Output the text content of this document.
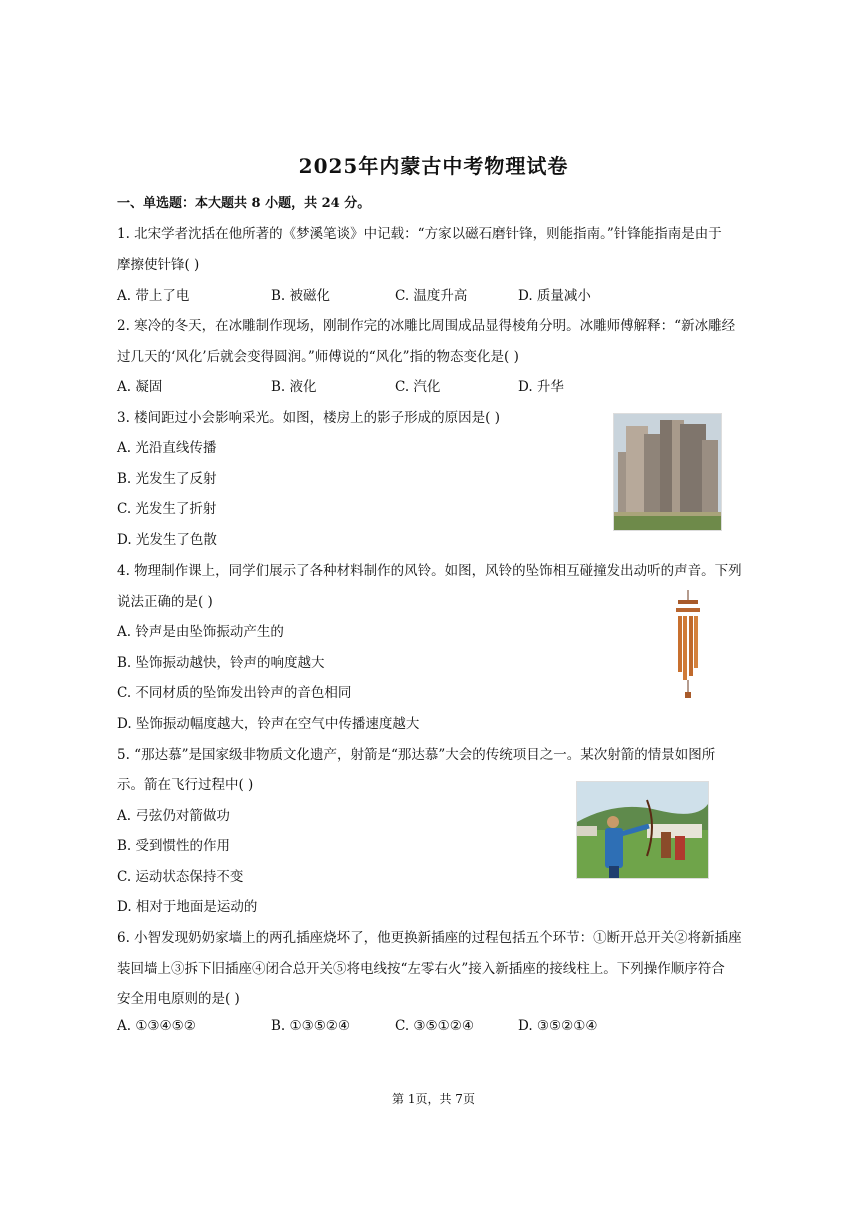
2025年内蒙古中考物理试卷
一、单选题：本大题共 8 小题，共 24 分。
1. 北宋学者沈括在他所著的《梦溪笔谈》中记载：“方家以磁石磨针锋，则能指南。”针锋能指南是由于
摩擦使针锋( )
A. 带上了电	B. 被磁化	C. 温度升高	D. 质量减小
2. 寒冷的冬天，在冰雕制作现场，刚制作完的冰雕比周围成品显得棱角分明。冰雕师傅解释：“新冰雕经
过几天的‘风化’后就会变得圆润。”师傅说的“风化”指的物态变化是( )
A. 凝固	B. 液化	C. 汽化	D. 升华
3. 楼间距过小会影响采光。如图，楼房上的影子形成的原因是( )
A. 光沿直线传播
B. 光发生了反射
C. 光发生了折射
D. 光发生了色散
4. 物理制作课上，同学们展示了各种材料制作的风铃。如图，风铃的坠饰相互碰撞发出动听的声音。下列
说法正确的是( )
A. 铃声是由坠饰振动产生的
B. 坠饰振动越快，铃声的响度越大
C. 不同材质的坠饰发出铃声的音色相同
D. 坠饰振动幅度越大，铃声在空气中传播速度越大
5. “那达慕”是国家级非物质文化遗产，射箭是“那达慕”大会的传统项目之一。某次射箭的情景如图所
示。箭在飞行过程中( )
A. 弓弦仍对箭做功
B. 受到惯性的作用
C. 运动状态保持不变
D. 相对于地面是运动的
6. 小智发现奶奶家墙上的两孔插座烧坏了，他更换新插座的过程包括五个环节：①断开总开关②将新插座
装回墙上③拆下旧插座④闭合总开关⑤将电线按“左零右火”接入新插座的接线柱上。下列操作顺序符合
安全用电原则的是( )
A. ①③④⑤②	B. ①③⑤②④	C. ③⑤①②④	D. ③⑤②①④
第 1页，共 7页
